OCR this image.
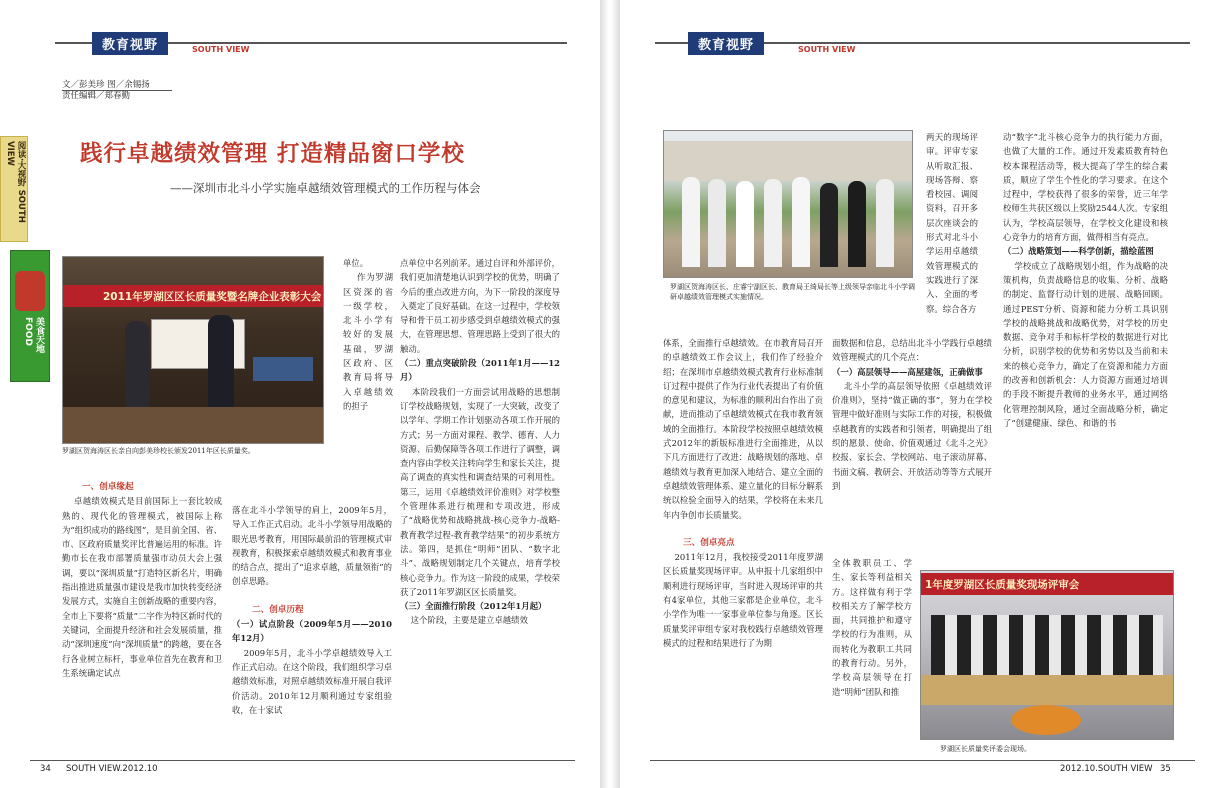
教育视野	SOUTH VIEW
文／彭美珍 图／余锡扬
责任编辑／郑春勤
阅读·大视野 SOUTH VIEW
美食天地 FOOD
践行卓越绩效管理 打造精品窗口学校
——深圳市北斗小学实施卓越绩效管理模式的工作历程与体会
2011年罗湖区区长质量奖暨名牌企业表彰大会
罗湖区贺海涛区长亲自向彭美珍校长颁发2011年区长质量奖。
一、创卓缘起
卓越绩效模式是目前国际上一套比较成熟的、现代化的管理模式，被国际上称为“组织成功的路线图”，是目前全国、省、市、区政府质量奖评比普遍运用的标准。许勤市长在我市部署质量强市动员大会上强调，要以“深圳质量”打造特区新名片，明确指出推进质量强市建设是我市加快转变经济发展方式，实施自主创新战略的重要内容，全市上下要将“质量”二字作为特区新时代的关键词，全面提升经济和社会发展质量，推动“深圳速度”向“深圳质量”的跨越，要在各行各业树立标杆，事业单位首先在教育和卫生系统确定试点
单位。
作为罗湖区资深的省一级学校，北斗小学有较好的发展基础，罗湖区政府、区教育局将导入卓越绩效的担子
落在北斗小学领导的肩上，2009年5月，导入工作正式启动。北斗小学领导用战略的眼光思考教育，用国际最前沿的管理模式审视教育，积极探索卓越绩效模式和教育事业的结合点，提出了“追求卓越，质量领衔”的创卓思路。
二、创卓历程
（一）试点阶段（2009年5月——2010年12月）
2009年5月，北斗小学卓越绩效导入工作正式启动。在这个阶段，我们组织学习卓越绩效标准，对照卓越绩效标准开展自我评价活动。2010年12月顺利通过专家组验收，在十家试
点单位中名列前茅。通过自评和外部评价，我们更加清楚地认识到学校的优势，明确了今后的重点改进方向，为下一阶段的深度导入奠定了良好基础。在这一过程中，学校领导和骨干员工初步感受到卓越绩效模式的强大，在管理思想、管理思路上受到了很大的触动。
（二）重点突破阶段（2011年1月——12月）
本阶段我们一方面尝试用战略的思想制订学校战略规划，实现了一大突破，改变了以学年、学期工作计划驱动各项工作开展的方式；另一方面对课程、教学、德育、人力资源、后勤保障等各项工作进行了调整，调查内容由学校关注转向学生和家长关注，提高了调查的真实性和调查结果的可利用性。第三，运用《卓越绩效评价准则》对学校整个管理体系进行梳理和专项改进，形成了“战略优势和战略挑战-核心竞争力-战略-教育教学过程-教育教学结果”的初步系统方法。第四，是抓住“明师”团队、“数字北斗”、战略规划制定几个关键点，培育学校核心竞争力。作为这一阶段的成果，学校荣获了2011年罗湖区区长质量奖。
（三）全面推行阶段（2012年1月起）
这个阶段，主要是建立卓越绩效
34 SOUTH VIEW.2012.10
教育视野	SOUTH VIEW
罗湖区贺海涛区长、庄睿宁副区长、教育局王绮局长等上级领导亲临北斗小学调研卓越绩效管理模式实施情况。
体系，全面推行卓越绩效。在市教育局召开的卓越绩效工作会议上，我们作了经验介绍；在深圳市卓越绩效模式教育行业标准制订过程中提供了作为行业代表提出了有价值的意见和建议，为标准的顺利出台作出了贡献，进而推动了卓越绩效模式在我市教育领域的全面推行。本阶段学校按照卓越绩效模式2012年的新版标准进行全面推进，从以下几方面进行了改进：战略规划的落地、卓越绩效与教育更加深入地结合、建立全面的卓越绩效管理体系、建立量化的目标分解系统以检验全面导入的结果，学校将在未来几年内争创市长质量奖。
三、创卓亮点
2011年12月，我校接受2011年度罗湖区长质量奖现场评审。从申报十几家组织中顺利进行现场评审，当时进入现场评审的共有4家单位，其他三家都是企业单位，北斗小学作为唯一一家事业单位参与角逐。区长质量奖评审组专家对我校践行卓越绩效管理模式的过程和结果进行了为期
两天的现场评审。评审专家从听取汇报、现场答辩、察看校园、调阅资料，召开多层次座谈会的形式对北斗小学运用卓越绩效管理模式的实践进行了深入、全面的考察。综合各方
面数据和信息，总结出北斗小学践行卓越绩效管理模式的几个亮点：
（一）高层领导——高屋建瓴，正确做事
北斗小学的高层领导依照《卓越绩效评价准则》，坚持“做正确的事”，努力在学校管理中做好准则与实际工作的对接，积极做卓越教育的实践者和引领者，明确提出了组织的愿景、使命、价值观通过《北斗之光》校报、家长会、学校网站、电子滚动屏幕、书面文稿、教研会、开放活动等等方式展开到
全体教职员工、学生、家长等利益相关方。这样做有利于学校相关方了解学校方面，共同推护和遵守学校的行为准则，从而转化为教职工共同的教育行动。另外，学校高层领导在打造“明师”团队和推
动“数字”北斗核心竞争力的执行能力方面，也做了大量的工作。通过开发素质教育特色校本课程活动等，极大提高了学生的综合素质，顺应了学生个性化的学习要求。在这个过程中，学校获得了很多的荣誉，近三年学校师生共获区级以上奖励2544人次。专家组认为，学校高层领导，在学校文化建设和核心竞争力的培育方面，做得相当有亮点。
（二）战略策划——科学创新，描绘蓝图
学校成立了战略规划小组，作为战略的决策机构，负责战略信息的收集、分析、战略的制定、监督行动计划的进展、战略回顾。通过PEST分析、资源和能力分析工具识别学校的战略挑战和战略优势，对学校的历史数据、竞争对手和标杆学校的数据进行对比分析，识别学校的优势和劣势以及当前和未来的核心竞争力，确定了在资源和能力方面的改善和创新机会：人力资源方面通过培训的手段不断提升教师的业务水平，通过网络化管理控制风险，通过全面战略分析，确定了“创建健康、绿色、和谐的书
1年度罗湖区长质量奖现场评审会
罗湖区长质量奖评委会现场。
2012.10.SOUTH VIEW 35
